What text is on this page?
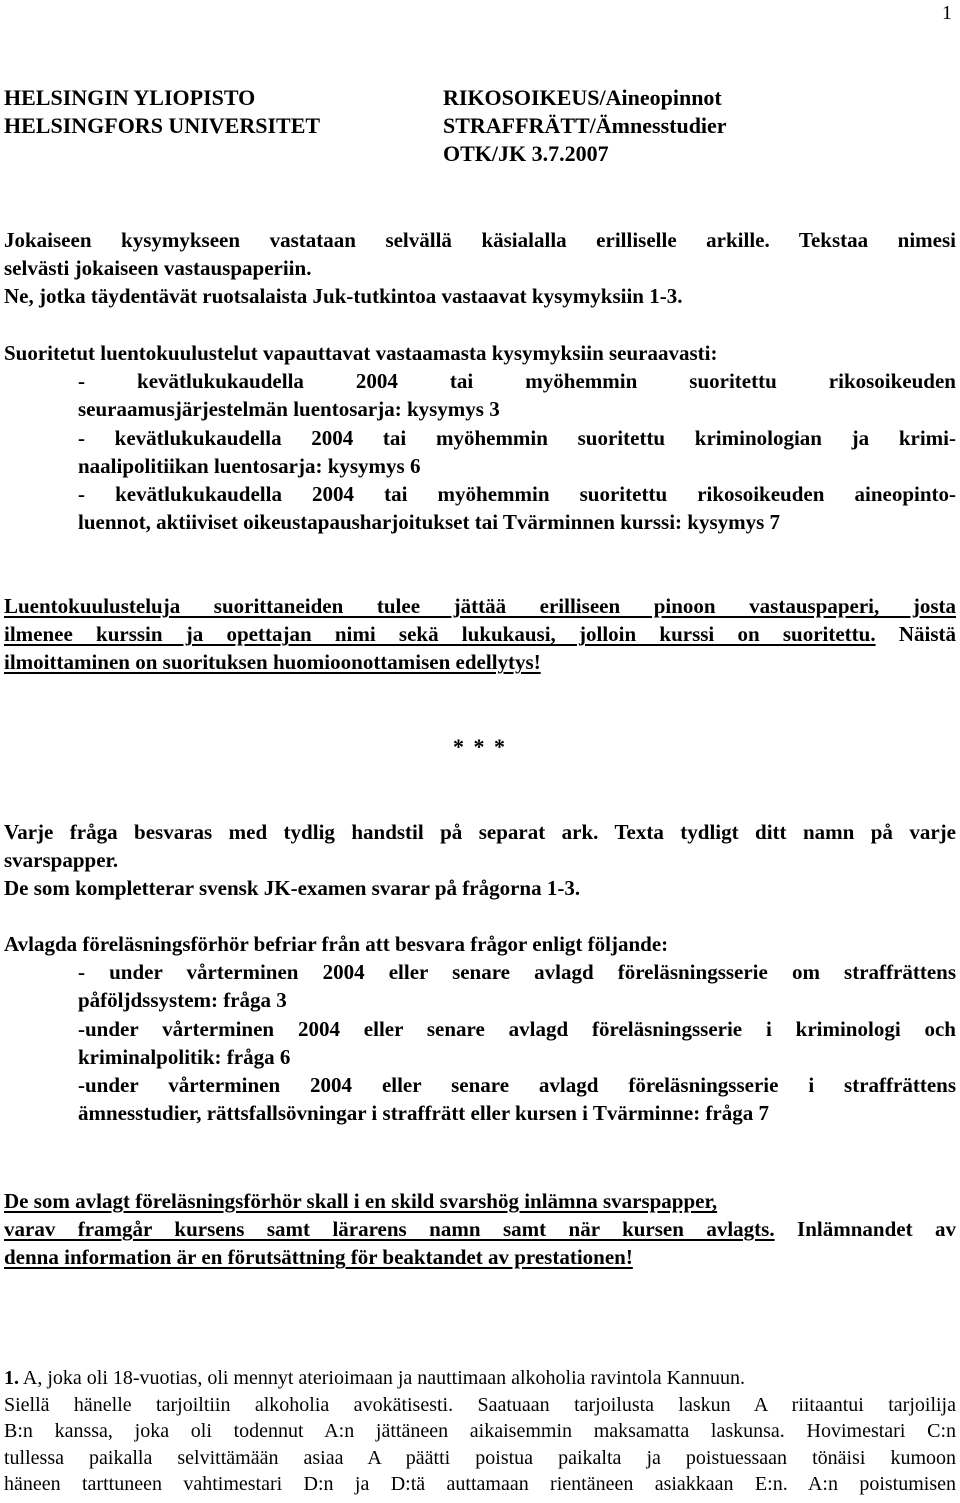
1
HELSINGIN YLIOPISTO
HELSINGFORS UNIVERSITET
RIKOSOIKEUS/Aineopinnot
STRAFFRÄTT/Ämnesstudier
OTK/JK 3.7.2007
Jokaiseen kysymykseen vastataan selvällä käsialalla erilliselle arkille. Tekstaa nimesi
selvästi jokaiseen vastauspaperiin.
Ne, jotka täydentävät ruotsalaista Juk-tutkintoa vastaavat kysymyksiin 1-3.
Suoritetut luentokuulustelut vapauttavat vastaamasta kysymyksiin seuraavasti:
- kevätlukukaudella 2004 tai myöhemmin suoritettu rikosoikeuden
seuraamusjärjestelmän luentosarja: kysymys 3
- kevätlukukaudella 2004 tai myöhemmin suoritettu kriminologian ja krimi-
naalipolitiikan luentosarja: kysymys 6
- kevätlukukaudella 2004 tai myöhemmin suoritettu rikosoikeuden aineopinto-
luennot, aktiiviset oikeustapausharjoitukset tai Tvärminnen kurssi: kysymys 7
Luentokuulusteluja suorittaneiden tulee jättää erilliseen pinoon vastauspaperi, josta
ilmenee kurssin ja opettajan nimi sekä lukukausi, jolloin kurssi on suoritettu. Näistä
ilmoittaminen on suorituksen huomioonottamisen edellytys!
* * *
Varje fråga besvaras med tydlig handstil på separat ark. Texta tydligt ditt namn på varje
svarspapper.
De som kompletterar svensk JK-examen svarar på frågorna 1-3.
Avlagda föreläsningsförhör befriar från att besvara frågor enligt följande:
- under vårterminen 2004 eller senare avlagd föreläsningsserie om straffrättens
påföljdssystem: fråga 3
-under vårterminen 2004 eller senare avlagd föreläsningsserie i kriminologi och
kriminalpolitik: fråga 6
-under vårterminen 2004 eller senare avlagd föreläsningsserie i straffrättens
ämnesstudier, rättsfallsövningar i straffrätt eller kursen i Tvärminne: fråga 7
De som avlagt föreläsningsförhör skall i en skild svarshög inlämna svarspapper,
varav framgår kursens samt lärarens namn samt när kursen avlagts. Inlämnandet av
denna information är en förutsättning för beaktandet av prestationen!
1. A, joka oli 18-vuotias, oli mennyt aterioimaan ja nauttimaan alkoholia ravintola Kannuun.
Siellä hänelle tarjoiltiin alkoholia avokätisesti. Saatuaan tarjoilusta laskun A riitaantui tarjoilija
B:n kanssa, joka oli todennut A:n jättäneen aikaisemmin maksamatta laskunsa. Hovimestari C:n
tullessa paikalla selvittämään asiaa A päätti poistua paikalta ja poistuessaan tönäisi kumoon
häneen tarttuneen vahtimestari D:n ja D:tä auttamaan rientäneen asiakkaan E:n. A:n poistumisen
